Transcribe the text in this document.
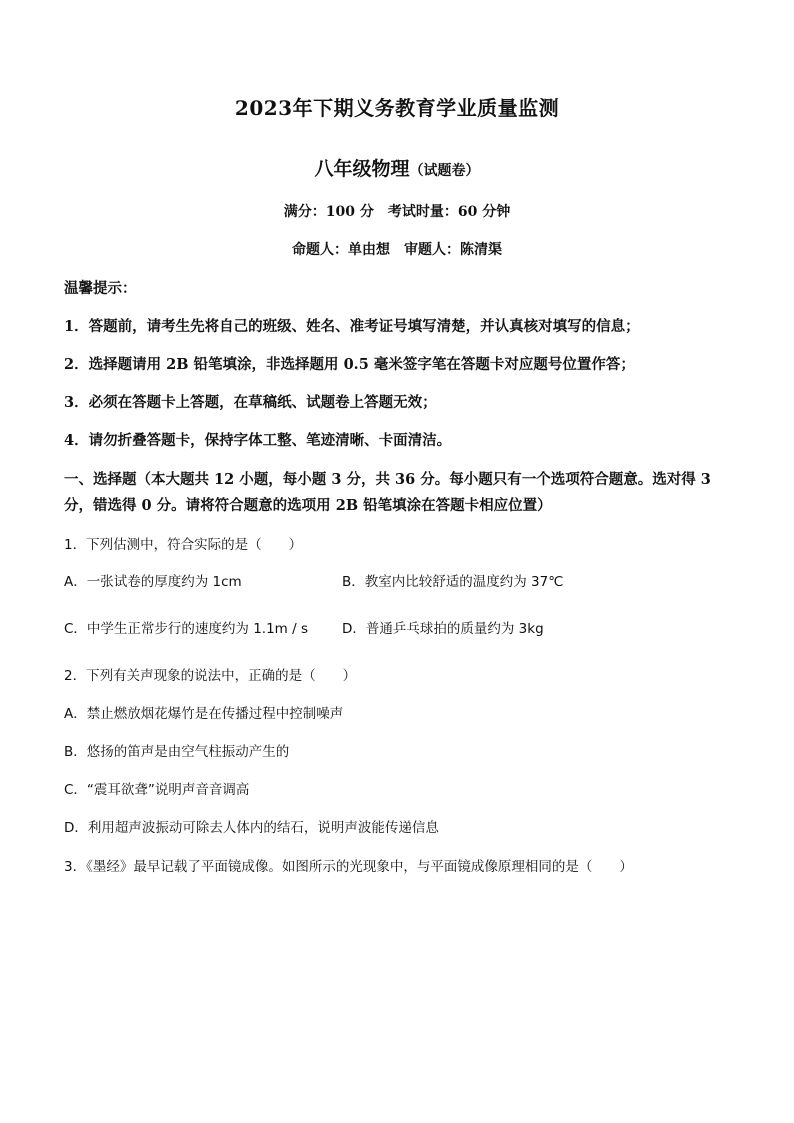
2023年下期义务教育学业质量监测
八年级物理（试题卷）
满分：100 分　考试时量：60 分钟
命题人：单由想　审题人：陈清渠
温馨提示：
1．答题前，请考生先将自己的班级、姓名、准考证号填写清楚，并认真核对填写的信息；
2．选择题请用 2B 铅笔填涂，非选择题用 0.5 毫米签字笔在答题卡对应题号位置作答；
3．必须在答题卡上答题，在草稿纸、试题卷上答题无效；
4．请勿折叠答题卡，保持字体工整、笔迹清晰、卡面清洁。
一、选择题（本大题共 12 小题，每小题 3 分，共 36 分。每小题只有一个选项符合题意。选对得 3 分，错选得 0 分。请将符合题意的选项用 2B 铅笔填涂在答题卡相应位置）
1．下列估测中，符合实际的是（　　）
A．一张试卷的厚度约为 1cm	B．教室内比较舒适的温度约为 37℃
C．中学生正常步行的速度约为 1.1m / s	D．普通乒乓球拍的质量约为 3kg
2．下列有关声现象的说法中，正确的是（　　）
A．禁止燃放烟花爆竹是在传播过程中控制噪声
B．悠扬的笛声是由空气柱振动产生的
C．“震耳欲聋”说明声音音调高
D．利用超声波振动可除去人体内的结石，说明声波能传递信息
3．《墨经》最早记载了平面镜成像。如图所示的光现象中，与平面镜成像原理相同的是（　　）
